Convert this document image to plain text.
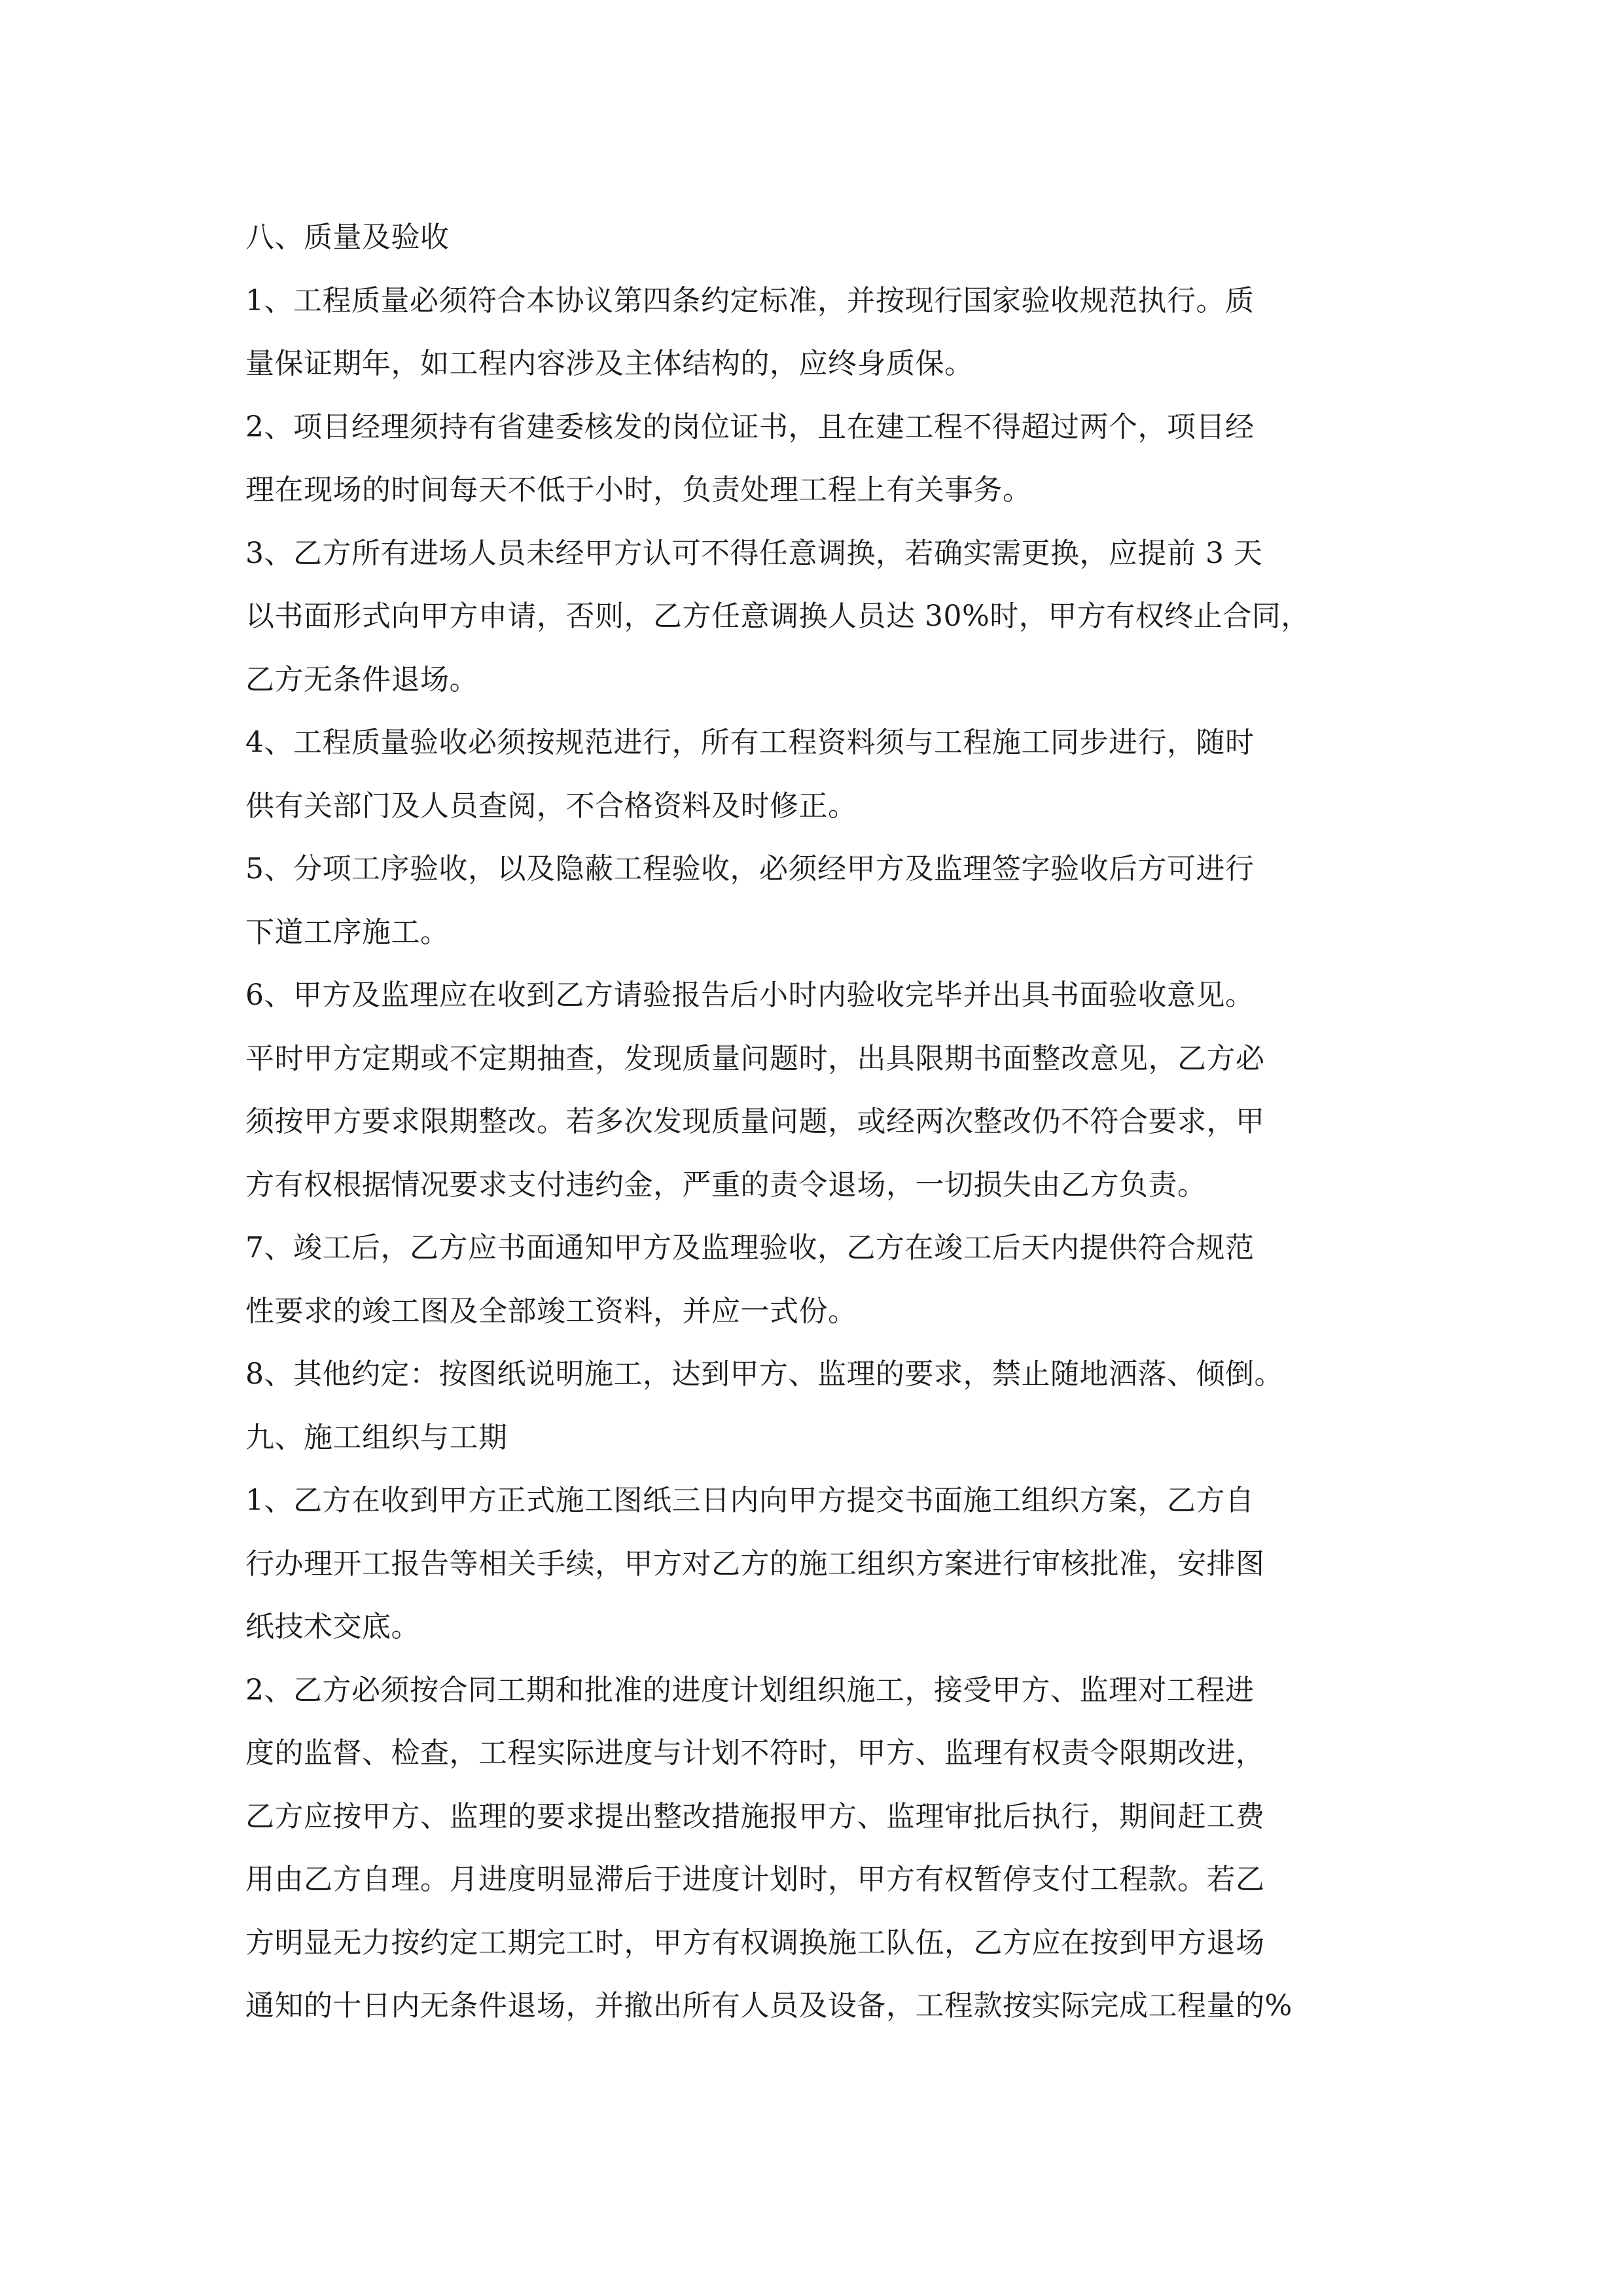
八、质量及验收
1、工程质量必须符合本协议第四条约定标准，并按现行国家验收规范执行。质
量保证期年，如工程内容涉及主体结构的，应终身质保。
2、项目经理须持有省建委核发的岗位证书，且在建工程不得超过两个，项目经
理在现场的时间每天不低于小时，负责处理工程上有关事务。
3、乙方所有进场人员未经甲方认可不得任意调换，若确实需更换，应提前 3 天
以书面形式向甲方申请，否则，乙方任意调换人员达 30%时，甲方有权终止合同，
乙方无条件退场。
4、工程质量验收必须按规范进行，所有工程资料须与工程施工同步进行，随时
供有关部门及人员查阅，不合格资料及时修正。
5、分项工序验收，以及隐蔽工程验收，必须经甲方及监理签字验收后方可进行
下道工序施工。
6、甲方及监理应在收到乙方请验报告后小时内验收完毕并出具书面验收意见。
平时甲方定期或不定期抽查，发现质量问题时，出具限期书面整改意见，乙方必
须按甲方要求限期整改。若多次发现质量问题，或经两次整改仍不符合要求，甲
方有权根据情况要求支付违约金，严重的责令退场，一切损失由乙方负责。
7、竣工后，乙方应书面通知甲方及监理验收，乙方在竣工后天内提供符合规范
性要求的竣工图及全部竣工资料，并应一式份。
8、其他约定：按图纸说明施工，达到甲方、监理的要求，禁止随地洒落、倾倒。
九、施工组织与工期
1、乙方在收到甲方正式施工图纸三日内向甲方提交书面施工组织方案，乙方自
行办理开工报告等相关手续，甲方对乙方的施工组织方案进行审核批准，安排图
纸技术交底。
2、乙方必须按合同工期和批准的进度计划组织施工，接受甲方、监理对工程进
度的监督、检查，工程实际进度与计划不符时，甲方、监理有权责令限期改进，
乙方应按甲方、监理的要求提出整改措施报甲方、监理审批后执行，期间赶工费
用由乙方自理。月进度明显滞后于进度计划时，甲方有权暂停支付工程款。若乙
方明显无力按约定工期完工时，甲方有权调换施工队伍，乙方应在按到甲方退场
通知的十日内无条件退场，并撤出所有人员及设备，工程款按实际完成工程量的%
